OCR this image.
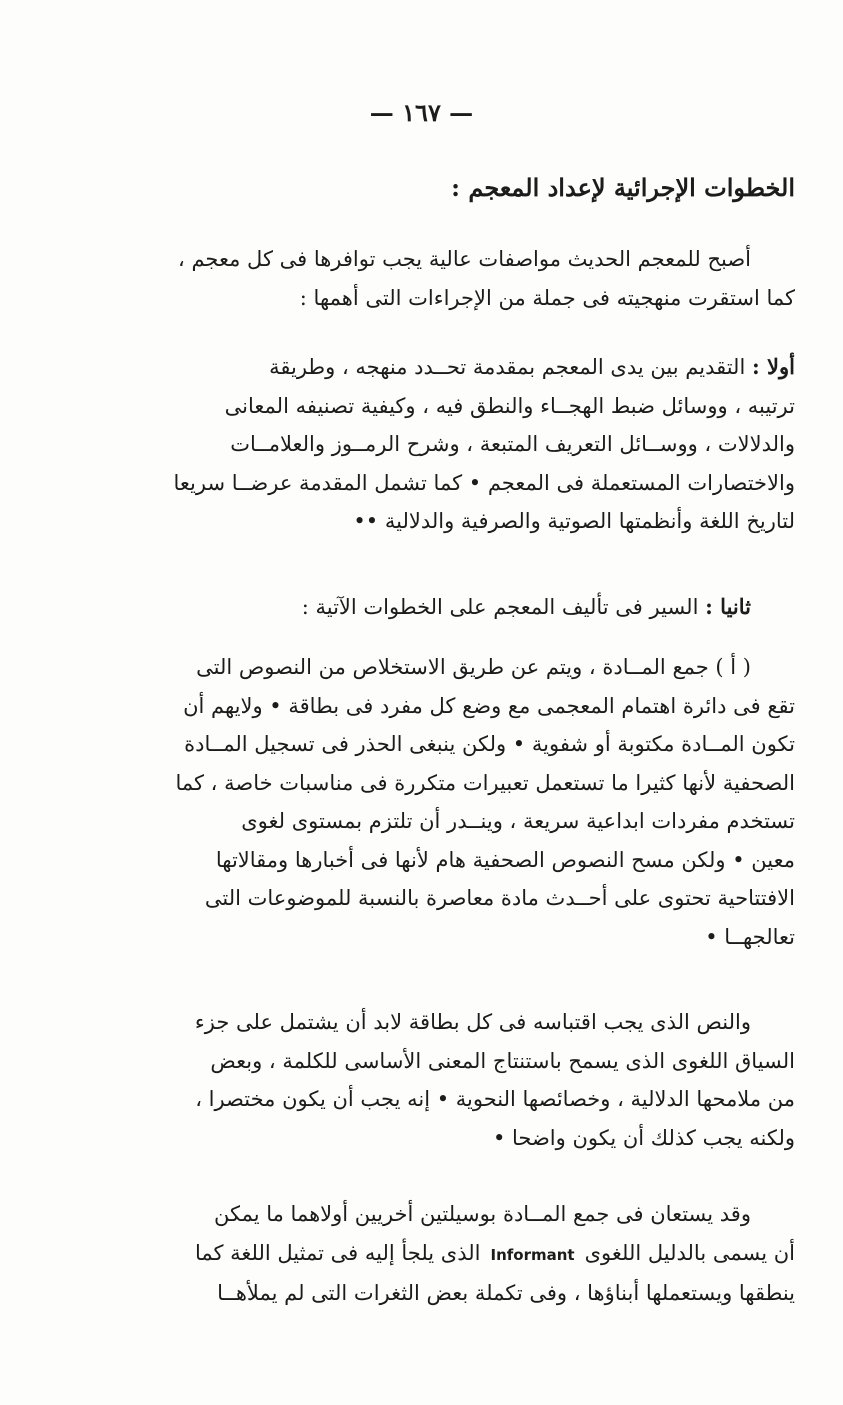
— ١٦٧ —
الخطوات الإجرائية لإعداد المعجم :
أصبح للمعجم الحديث مواصفات عالية يجب توافرها فى كل معجم ،
كما استقرت منهجيته فى جملة من الإجراءات التى أهمها :
أولا : التقديم بين يدى المعجم بمقدمة تحــدد منهجه ، وطريقة
ترتيبه ، ووسائل ضبط الهجــاء والنطق فيه ، وكيفية تصنيفه المعانى
والدلالات ، ووســائل التعريف المتبعة ، وشرح الرمــوز والعلامــات
والاختصارات المستعملة فى المعجم • كما تشمل المقدمة عرضــا سريعا
لتاريخ اللغة وأنظمتها الصوتية والصرفية والدلالية ••
ثانيا : السير فى تأليف المعجم على الخطوات الآتية :
( أ ) جمع المــادة ، ويتم عن طريق الاستخلاص من النصوص التى
تقع فى دائرة اهتمام المعجمى مع وضع كل مفرد فى بطاقة • ولايهم أن
تكون المــادة مكتوبة أو شفوية • ولكن ينبغى الحذر فى تسجيل المــادة
الصحفية لأنها كثيرا ما تستعمل تعبيرات متكررة فى مناسبات خاصة ، كما
تستخدم مفردات ابداعية سريعة ، وينــدر أن تلتزم بمستوى لغوى
معين • ولكن مسح النصوص الصحفية هام لأنها فى أخبارها ومقالاتها
الافتتاحية تحتوى على أحــدث مادة معاصرة بالنسبة للموضوعات التى
تعالجهــا •
والنص الذى يجب اقتباسه فى كل بطاقة لابد أن يشتمل على جزء
السياق اللغوى الذى يسمح باستنتاج المعنى الأساسى للكلمة ، وبعض
من ملامحها الدلالية ، وخصائصها النحوية • إنه يجب أن يكون مختصرا ،
ولكنه يجب كذلك أن يكون واضحا •
وقد يستعان فى جمع المــادة بوسيلتين أخريين أولاهما ما يمكن
أن يسمى بالدليل اللغوىInformantالذى يلجأ إليه فى تمثيل اللغة كما
ينطقها ويستعملها أبناؤها ، وفى تكملة بعض الثغرات التى لم يملأهــا
